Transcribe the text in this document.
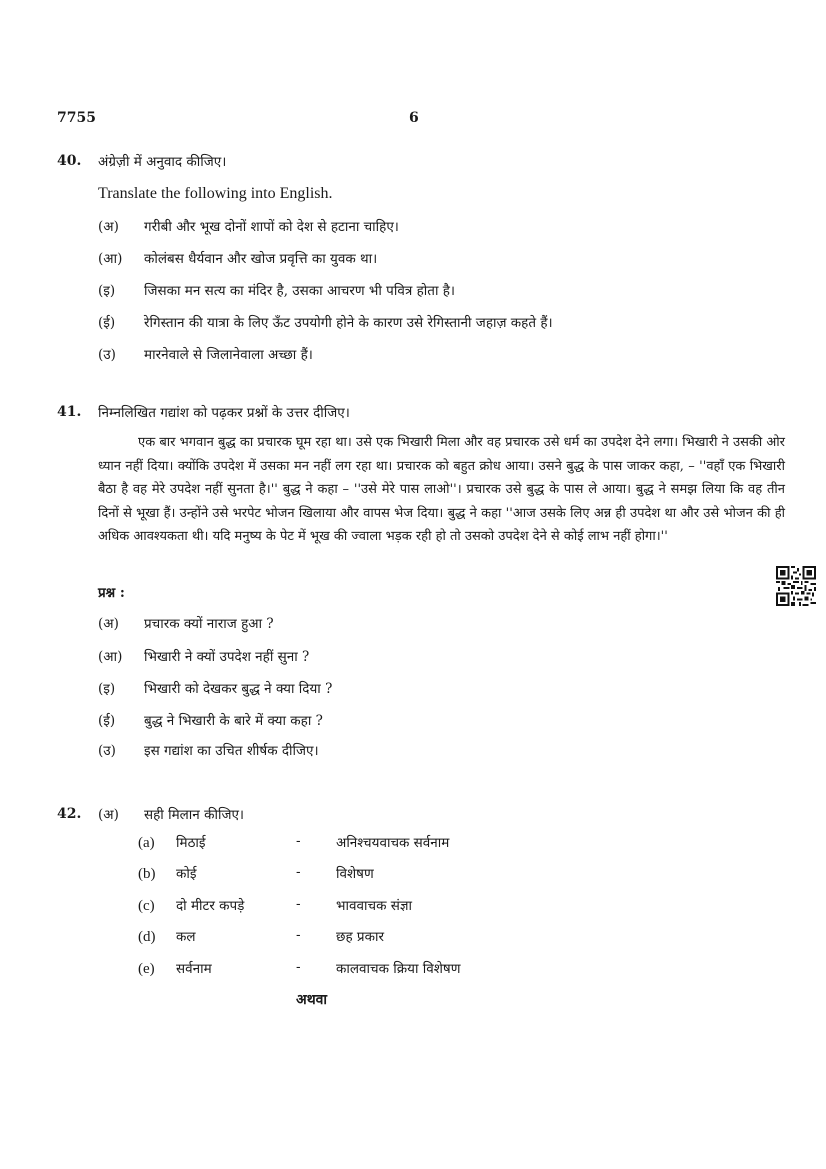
7755	6
40. अंग्रेज़ी में अनुवाद कीजिए।
Translate the following into English.
(अ) गरीबी और भूख दोनों शापों को देश से हटाना चाहिए।
(आ) कोलंबस धैर्यवान और खोज प्रवृत्ति का युवक था।
(इ) जिसका मन सत्य का मंदिर है, उसका आचरण भी पवित्र होता है।
(ई) रेगिस्तान की यात्रा के लिए ऊँट उपयोगी होने के कारण उसे रेगिस्तानी जहाज़ कहते हैं।
(उ) मारनेवाले से जिलानेवाला अच्छा हैं।
41. निम्नलिखित गद्यांश को पढ़कर प्रश्नों के उत्तर दीजिए।

एक बार भगवान बुद्ध का प्रचारक घूम रहा था। उसे एक भिखारी मिला और वह प्रचारक उसे धर्म का उपदेश देने लगा। भिखारी ने उसकी ओर ध्यान नहीं दिया। क्योंकि उपदेश में उसका मन नहीं लग रहा था। प्रचारक को बहुत क्रोध आया। उसने बुद्ध के पास जाकर कहा, – ''वहाँ एक भिखारी बैठा है वह मेरे उपदेश नहीं सुनता है।'' बुद्ध ने कहा – ''उसे मेरे पास लाओ''। प्रचारक उसे बुद्ध के पास ले आया। बुद्ध ने समझ लिया कि वह तीन दिनों से भूखा हैं। उन्होंने उसे भरपेट भोजन खिलाया और वापस भेज दिया। बुद्ध ने कहा ''आज उसके लिए अन्न ही उपदेश था और उसे भोजन की ही अधिक आवश्यकता थी। यदि मनुष्य के पेट में भूख की ज्वाला भड़क रही हो तो उसको उपदेश देने से कोई लाभ नहीं होगा।''

प्रश्न :
(अ) प्रचारक क्यों नाराज हुआ ?
(आ) भिखारी ने क्यों उपदेश नहीं सुना ?
(इ) भिखारी को देखकर बुद्ध ने क्या दिया ?
(ई) बुद्ध ने भिखारी के बारे में क्या कहा ?
(उ) इस गद्यांश का उचित शीर्षक दीजिए।
42. (अ) सही मिलान कीजिए।
(a) मिठाई	-	अनिश्चयवाचक सर्वनाम
(b) कोई	-	विशेषण
(c) दो मीटर कपड़े	-	भाववाचक संज्ञा
(d) कल	-	छह प्रकार
(e) सर्वनाम	-	कालवाचक क्रिया विशेषण
अथवा
